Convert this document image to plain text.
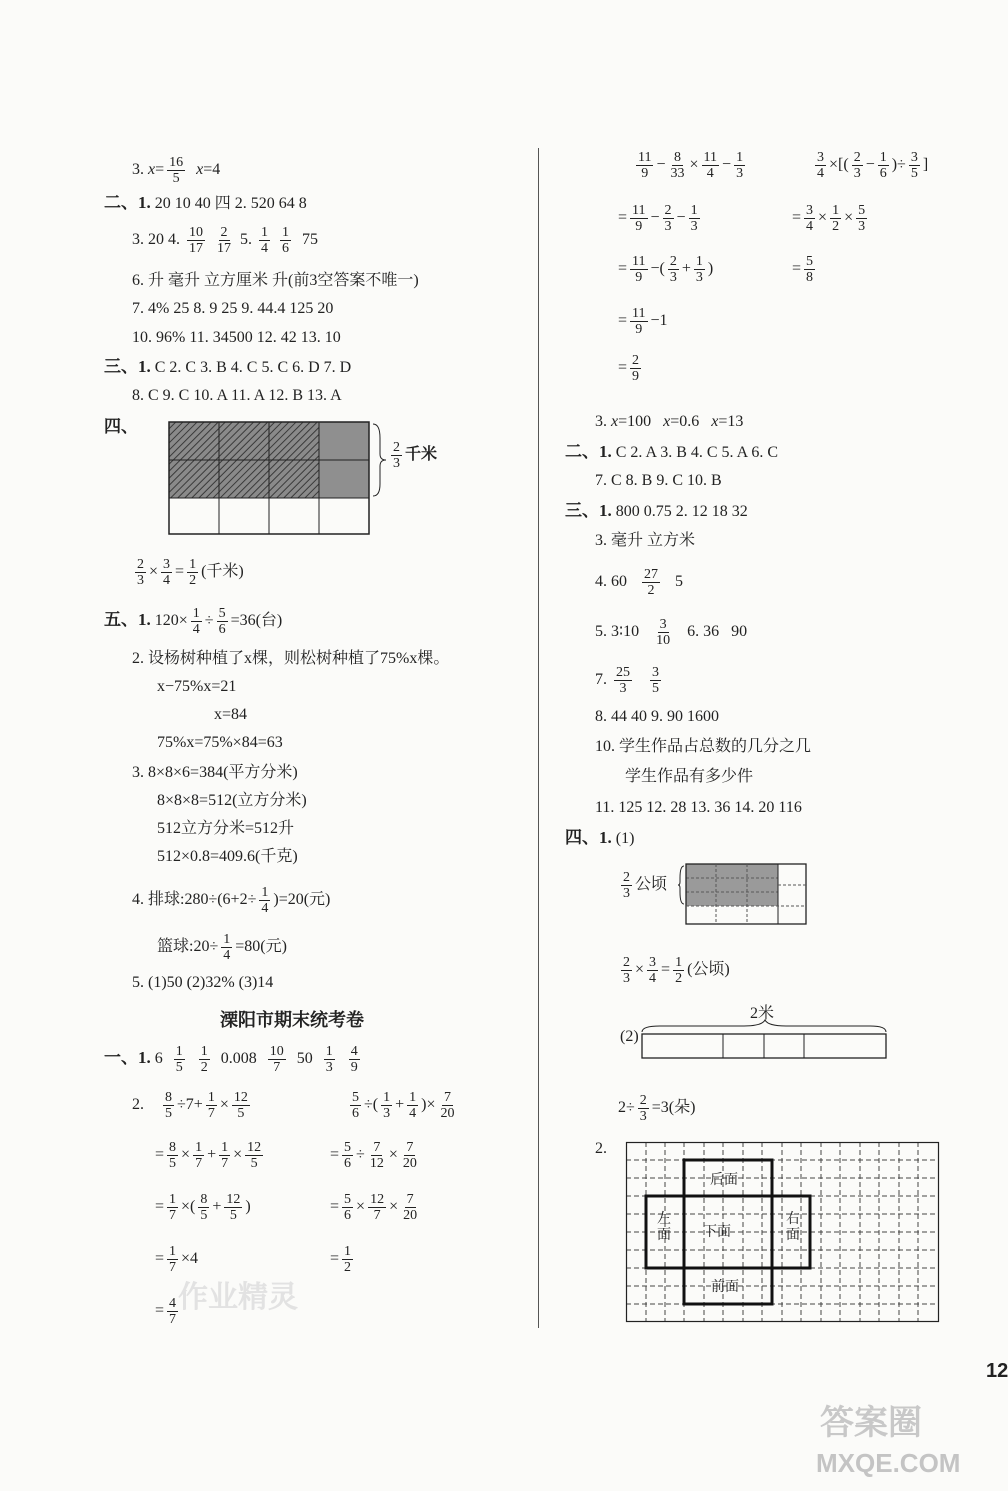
3. $x= \frac{16}{5} x=4$
二、1. 20 10 40 四 2. 520 64 8
3. 20 4. $\frac{10}{17}$
$\frac{2}{17} 5$. $\frac{1}{4}$
$\frac{1}{6} 75$
6. 升 毫升 立方厘米 升(前3空答案不唯一)
7. 4% 25 8. 9 25 9. 44.4 125 20
10. 96% 11. 34500 12. 42 13. 10
三、1. C 2. C 3. B 4. C 5. C 6. D 7. D
8. C 9. C 10. A 11. A 12. B 13. A
四、
$\frac{2}{3}$ 千米
$\frac{2}{3} \times \frac{3}{4} = \frac{1}{2}$ (千米)
五、1. $120\times \frac{1}{4} \div \frac{5}{6} =36$(台)
2. 设杨树种植了x棵，则松树种植了75%x棵。
x−75%x=21
x=84
75%x=75%×84=63
3. 8×8×6=384(平方分米)
8×8×8=512(立方分米)
512立方分米=512升
512×0.8=409.6(千克)
4. 排球:280÷(6+2÷ $\frac{1}{4} )=20$(元)
篮球:20÷ $\frac{1}{4} =80$(元)
5. (1)50 (2)32% (3)14
溧阳市期末统考卷
一、1. $6 \frac{1}{5}$
$\frac{1}{2} 0.008 \frac{10}{7} 50 \frac{1}{3}$
$\frac{4}{9}$
2. $\frac{8}{5} \div 7+ \frac{1}{7} \times \frac{12}{5}$	$\frac{5}{6}$ ÷( $\frac{1}{3} + \frac{1}{4}$ )× $\frac{7}{20}$
= $\frac{8}{5} \times \frac{1}{7} + \frac{1}{7} \times \frac{12}{5}$	= $\frac{5}{6} \div \frac{7}{12} \times \frac{7}{20}$
= $\frac{1}{7}$ ×( $\frac{8}{5} + \frac{12}{5}$ )	= $\frac{5}{6} \times \frac{12}{7} \times \frac{7}{20}$
= $\frac{1}{7} \times 4$	= $\frac{1}{2}$
= $\frac{4}{7}$
$\frac{11}{9} - \frac{8}{33} \times \frac{11}{4} - \frac{1}{3}$	$\frac{3}{4}$ ×[( $\frac{2}{3} - \frac{1}{6}$ )÷ $\frac{3}{5}$ ]
= $\frac{11}{9} - \frac{2}{3} - \frac{1}{3}$	= $\frac{3}{4} \times \frac{1}{2} \times \frac{5}{3}$
= $\frac{11}{9}$ −( $\frac{2}{3} + \frac{1}{3}$ )	= $\frac{5}{8}$
= $\frac{11}{9} -1$
= $\frac{2}{9}$
3. x=100   x=0.6   x=13
二、1. C 2. A 3. B 4. C 5. A 6. C
7. C 8. B 9. C 10. B
三、1. 800 0.75 2. 12 18 32
3. 毫升 立方米
4. $60 \frac{27}{2} 5$
5. 3∶10 $\frac{3}{10} 6$. 36   90
7. $\frac{25}{3}$
$\frac{3}{5}$
8. 44 40 9. 90 1600
10. 学生作品占总数的几分之几
学生作品有多少件
11. 125 12. 28 13. 36 14. 20 116
四、1. (1)
$\frac{2}{3}$ 公顷
$\frac{2}{3} \times \frac{3}{4} = \frac{1}{2}$ (公顷)
(2)
2米
$2\div \frac{2}{3} =3$(朵)
2.
后面
下面
前面
左面
右面
12
答案圈
MXQE.COM
作业精灵
